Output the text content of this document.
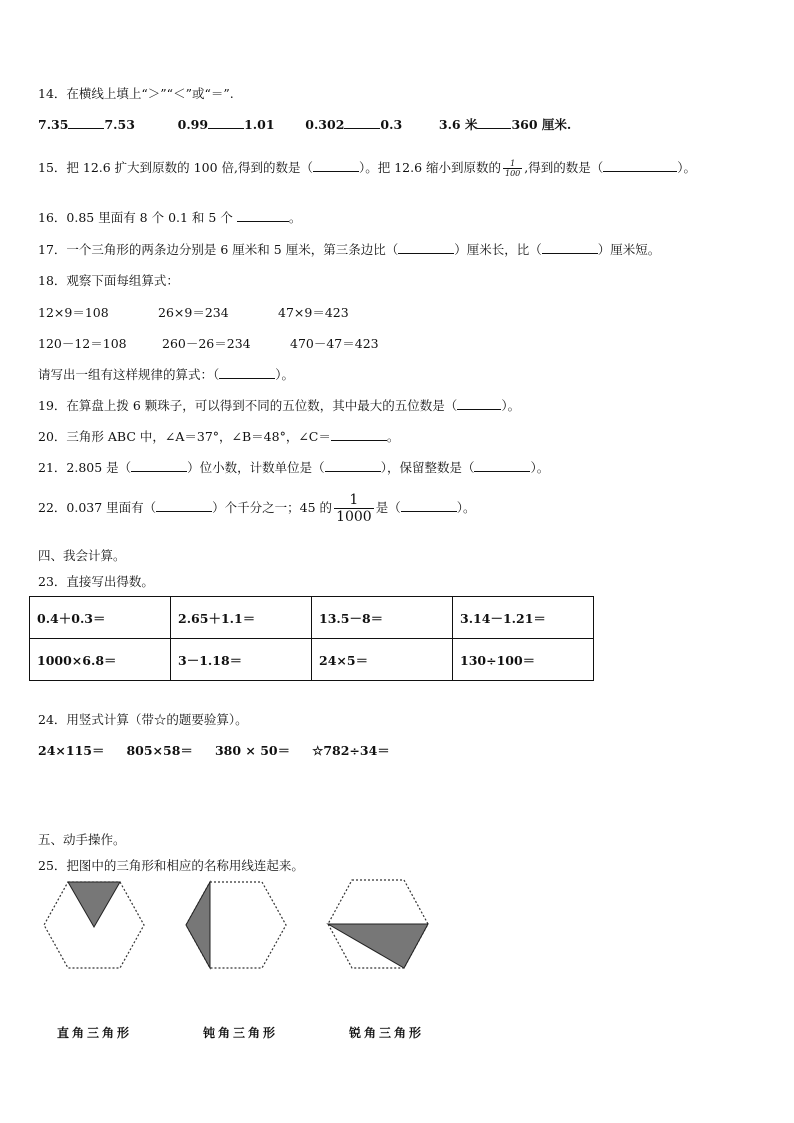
14．在横线上填上“＞”“＜”或“＝”.
7.35	7.53	0.99	1.01 0.302	0.3	3.6 米	360 厘米.
15．把 12.6 扩大到原数的 100 倍,得到的数是（	）。把 12.6 缩小到原数的 $\frac{1}{100}$ ,得到的数是（	）。
16．0.85 里面有 8 个 0.1 和 5 个	。
17．一个三角形的两条边分别是 6 厘米和 5 厘米，第三条边比（	）厘米长，比（	）厘米短。
18．观察下面每组算式：
12×9＝108	26×9＝234	47×9＝423
120－12＝108	260－26＝234	470－47＝423
请写出一组有这样规律的算式：（	）。
19．在算盘上拨 6 颗珠子，可以得到不同的五位数，其中最大的五位数是（	）。
20．三角形 ABC 中，∠A＝37°，∠B＝48°，∠C＝	。
21．2.805 是（	）位小数，计数单位是（	），保留整数是（	）。
22．0.037 里面有（	）个千分之一；45 的 $\frac{1}{1000}$ 是（	）。
四、我会计算。
23．直接写出得数。
0.4＋0.3＝	2.65＋1.1＝	13.5－8＝	3.14－1.21＝
1000×6.8＝	3－1.18＝	24×5＝	130÷100＝
24．用竖式计算（带☆的题要验算）。
24×115＝ 805×58＝ 380 × 50＝ ☆782÷34＝
五、动手操作。
25．把图中的三角形和相应的名称用线连起来。
直角三角形	钝角三角形	锐角三角形
